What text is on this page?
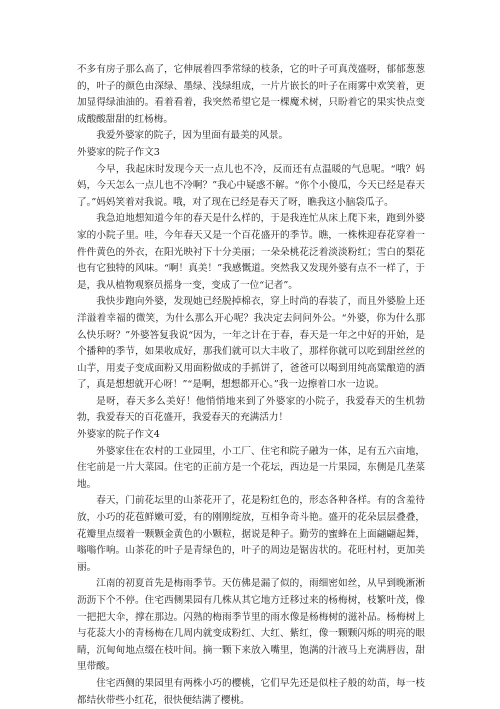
不多有房子那么高了，它伸展着四季常绿的枝条，它的叶子可真茂盛呀，郁郁葱葱的，叶子的颜色由深绿、墨绿、浅绿组成，一片片嵌长的叶子在雨雾中欢笑着，更加显得绿油油的。看着看着，我突然希望它是一棵魔术树，只盼着它的果实快点变成酸酸甜甜的红杨梅。

我爱外婆家的院子，因为里面有最美的风景。

外婆家的院子作文3

今早，我起床时发现今天一点儿也不冷，反而还有点温暖的气息呢。“哦？妈妈，今天怎么一点儿也不冷啊？”我心中疑惑不解。“你个小傻瓜，今天已经是春天了。”妈妈笑着对我说。哦，对了现在已经是春天了呀，瞧我这小脑袋瓜子。

我急迫地想知道今年的春天是什么样的，于是我连忙从床上爬下来，跑到外婆家的小院子里。哇，今年春天又是一个百花盛开的季节。瞧，一株株迎春花穿着一件件黄色的外衣，在阳光映衬下十分美丽；一朵朵桃花泛着淡淡粉红；雪白的梨花也有它独特的风味。“啊！真美！”我感慨道。突然我又发现外婆有点不一样了，于是，我从植物观察员摇身一变，变成了一位“记者”。

我快步跑向外婆，发现她已经脱掉棉衣，穿上时尚的春装了，而且外婆脸上还洋溢着幸福的微笑，为什么那么开心呢？我决定去问问外公。“外婆，你为什么那么快乐呀？”外婆答复我说“因为，一年之计在于春，春天是一年之中好的开始，是个播种的季节，如果收成好，那我们就可以大丰收了，那样你就可以吃到甜丝丝的山芋，用麦子变成面粉又用面粉做成的手抓饼了，爸爸可以喝到用纯高粱酿造的酒了，真是想想就开心呀！”“是啊，想想都开心。”我一边擦着口水一边说。

是呀，春天多么美好！他悄悄地来到了外婆家的小院子，我爱春天的生机勃勃，我爱春天的百花盛开，我爱春天的充满活力！

外婆家的院子作文4

外婆家住在农村的工业园里，小工厂、住宅和院子融为一体，足有五六亩地，住宅前是一片大菜园。住宅的正前方是一个花坛，西边是一片果园，东侧是几垄菜地。

春天，门前花坛里的山茶花开了，花是粉红色的，形态各种各样。有的含羞待放，小巧的花苞鲜嫩可爱，有的刚刚绽放，互相争奇斗艳。盛开的花朵层层叠叠，花瓣里点缀着一颗颗金黄色的小颗粒，据说是种子。勤劳的蜜蜂在上面翩翩起舞，嗡嗡作响。山茶花的叶子是青绿色的，叶子的周边是锯齿状的。花旺村村，更加美丽。

江南的初夏首先是梅雨季节。天仿佛是漏了似的，雨细密如丝，从早到晚淅淅沥沥下个不停。住宅西侧果园有几株从其它地方迁移过来的杨梅树，枝繁叶茂，像一把把大伞，撑在那边。闪熟的梅雨季节里的雨水像是杨梅树的滋补品。杨梅树上与花蕊大小的青杨梅在几周内就变成粉红、大红、紫红，像一颗颗闪烁的明亮的眼睛，沉甸甸地点缀在枝叶间。摘一颗下来放入嘴里，饱满的汁液马上充满唇齿，甜里带酸。

住宅西侧的果园里有两株小巧的樱桃，它们早先还是似柱子般的幼苗，每一枝都结伙带些小红花，很快便结满了樱桃。
